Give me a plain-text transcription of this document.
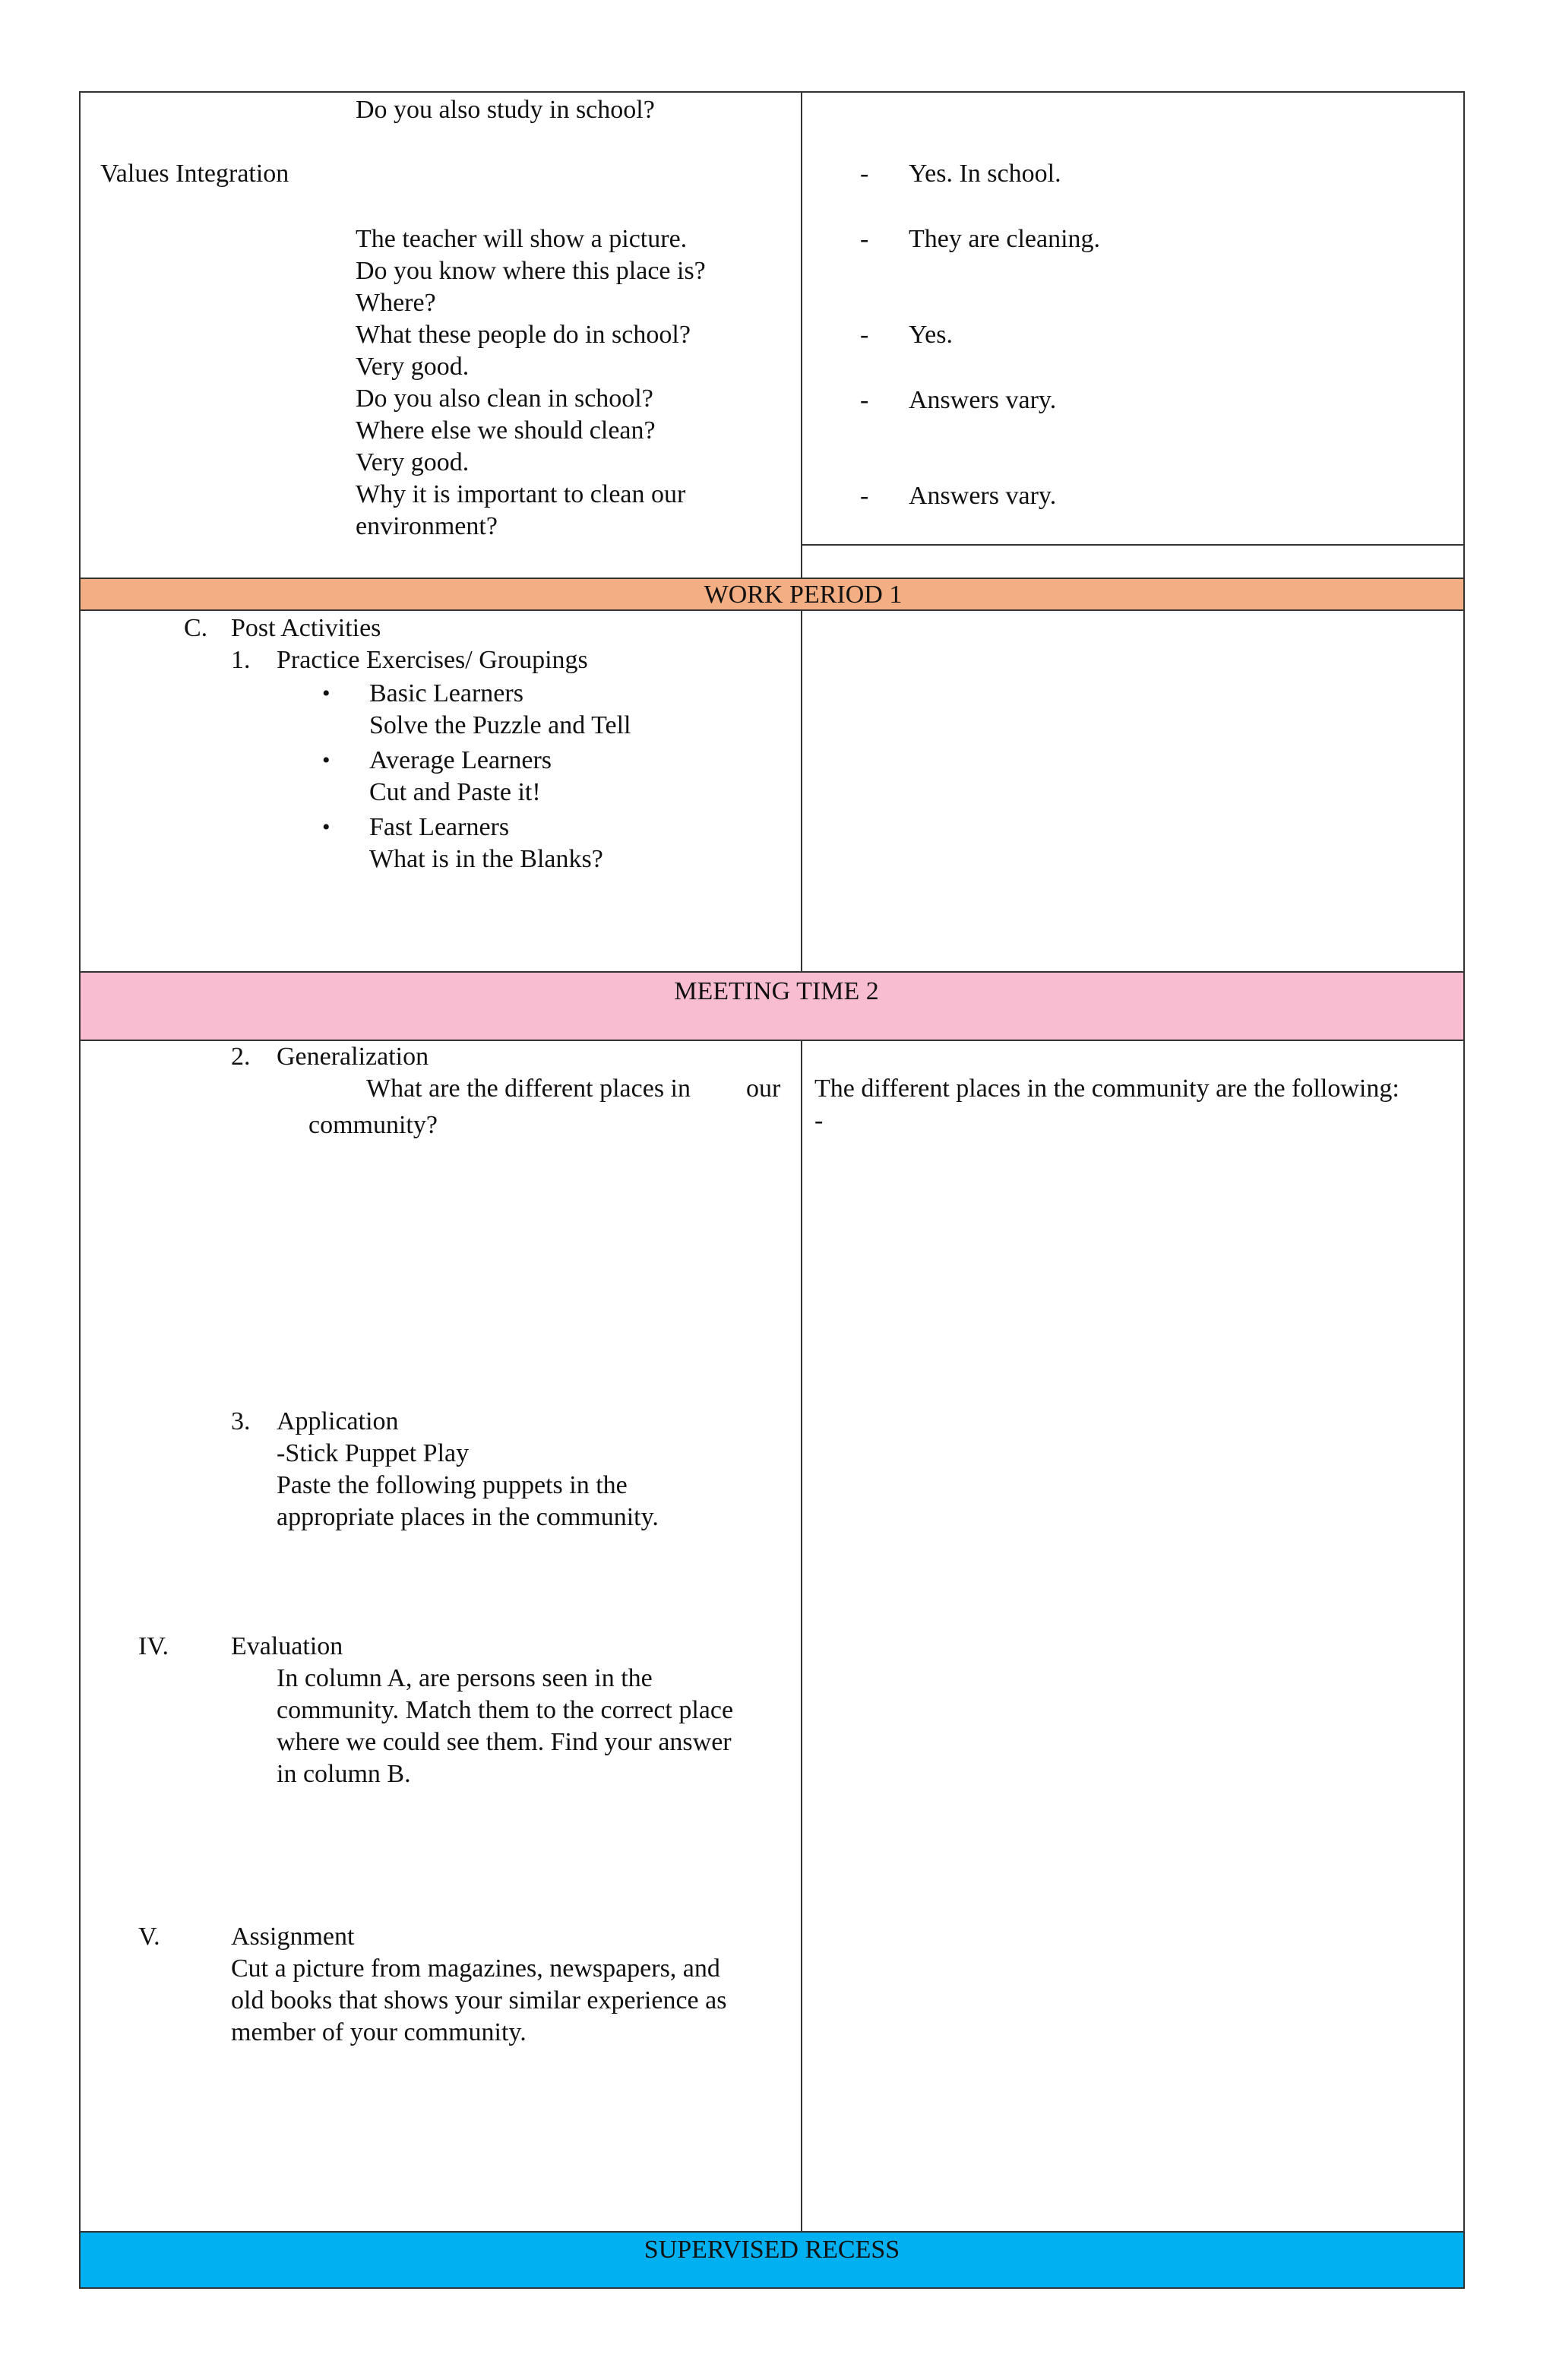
Do you also study in school?
Values Integration
The teacher will show a picture.
Do you know where this place is?
Where?
What these people do in school?
Very good.
Do you also clean in school?
Where else we should clean?
Very good.
Why it is important to clean our
environment?
- Yes. In school.
- They are cleaning.
- Yes.
- Answers vary.
- Answers vary.
WORK PERIOD 1
C. Post Activities
1. Practice Exercises/ Groupings
• Basic Learners
Solve the Puzzle and Tell
• Average Learners
Cut and Paste it!
• Fast Learners
What is in the Blanks?
MEETING TIME 2
2. Generalization
What are the different places in our
community?
The different places in the community are the following:
-
3. Application
-Stick Puppet Play
Paste the following puppets in the
appropriate places in the community.
IV. Evaluation
In column A, are persons seen in the
community. Match them to the correct place
where we could see them. Find your answer
in column B.
V.	Assignment
Cut a picture from magazines, newspapers, and
old books that shows your similar experience as
member of your community.
SUPERVISED RECESS
